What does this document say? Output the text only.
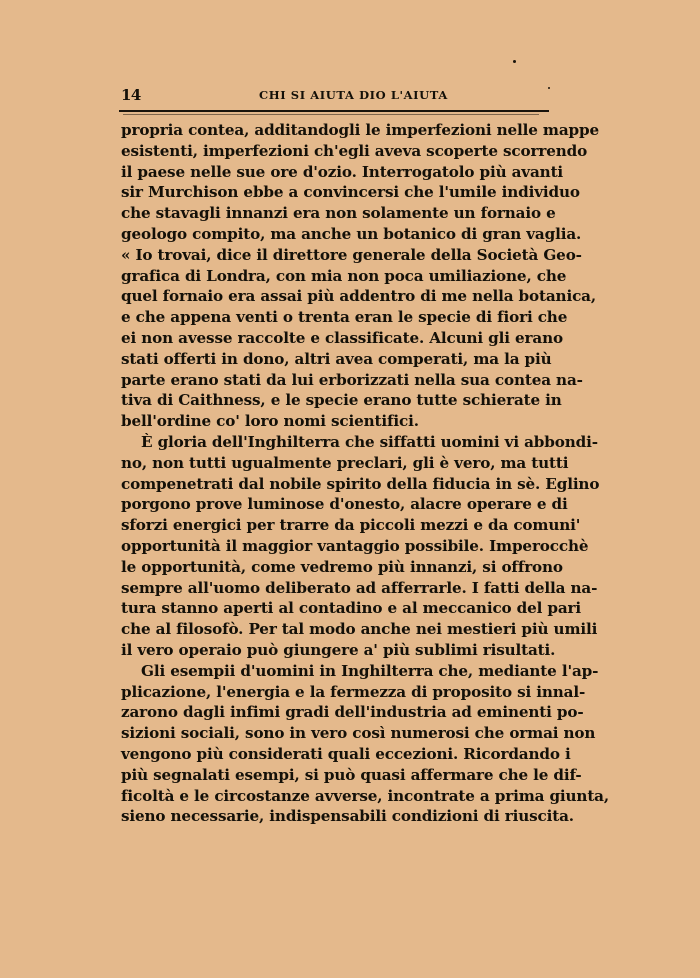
14	CHI SI AIUTA DIO L'AIUTA
propria contea, additandogli le imperfezioni nelle mappe
esistenti, imperfezioni ch'egli aveva scoperte scorrendo
il paese nelle sue ore d'ozio. Interrogatolo più avanti
sir Murchison ebbe a convincersi che l'umile individuo
che stavagli innanzi era non solamente un fornaio e
geologo compito, ma anche un botanico di gran vaglia.
« Io trovai, dice il direttore generale della Società Geo-
grafica di Londra, con mia non poca umiliazione, che
quel fornaio era assai più addentro di me nella botanica,
e che appena venti o trenta eran le specie di fiori che
ei non avesse raccolte e classificate. Alcuni gli erano
stati offerti in dono, altri avea comperati, ma la più
parte erano stati da lui erborizzati nella sua contea na-
tiva di Caithness, e le specie erano tutte schierate in
bell'ordine co' loro nomi scientifici.
È gloria dell'Inghilterra che siffatti uomini vi abbondi-
no, non tutti ugualmente preclari, gli è vero, ma tutti
compenetrati dal nobile spirito della fiducia in sè. Eglino
porgono prove luminose d'onesto, alacre operare e di
sforzi energici per trarre da piccoli mezzi e da comuni'
opportunità il maggior vantaggio possibile. Imperocchè
le opportunità, come vedremo più innanzi, si offrono
sempre all'uomo deliberato ad afferrarle. I fatti della na-
tura stanno aperti al contadino e al meccanico del pari
che al filosofò. Per tal modo anche nei mestieri più umili
il vero operaio può giungere a' più sublimi risultati.
Gli esempii d'uomini in Inghilterra che, mediante l'ap-
plicazione, l'energia e la fermezza di proposito si innal-
zarono dagli infimi gradi dell'industria ad eminenti po-
sizioni sociali, sono in vero così numerosi che ormai non
vengono più considerati quali eccezioni. Ricordando i
più segnalati esempi, si può quasi affermare che le dif-
ficoltà e le circostanze avverse, incontrate a prima giunta,
sieno necessarie, indispensabili condizioni di riuscita.
